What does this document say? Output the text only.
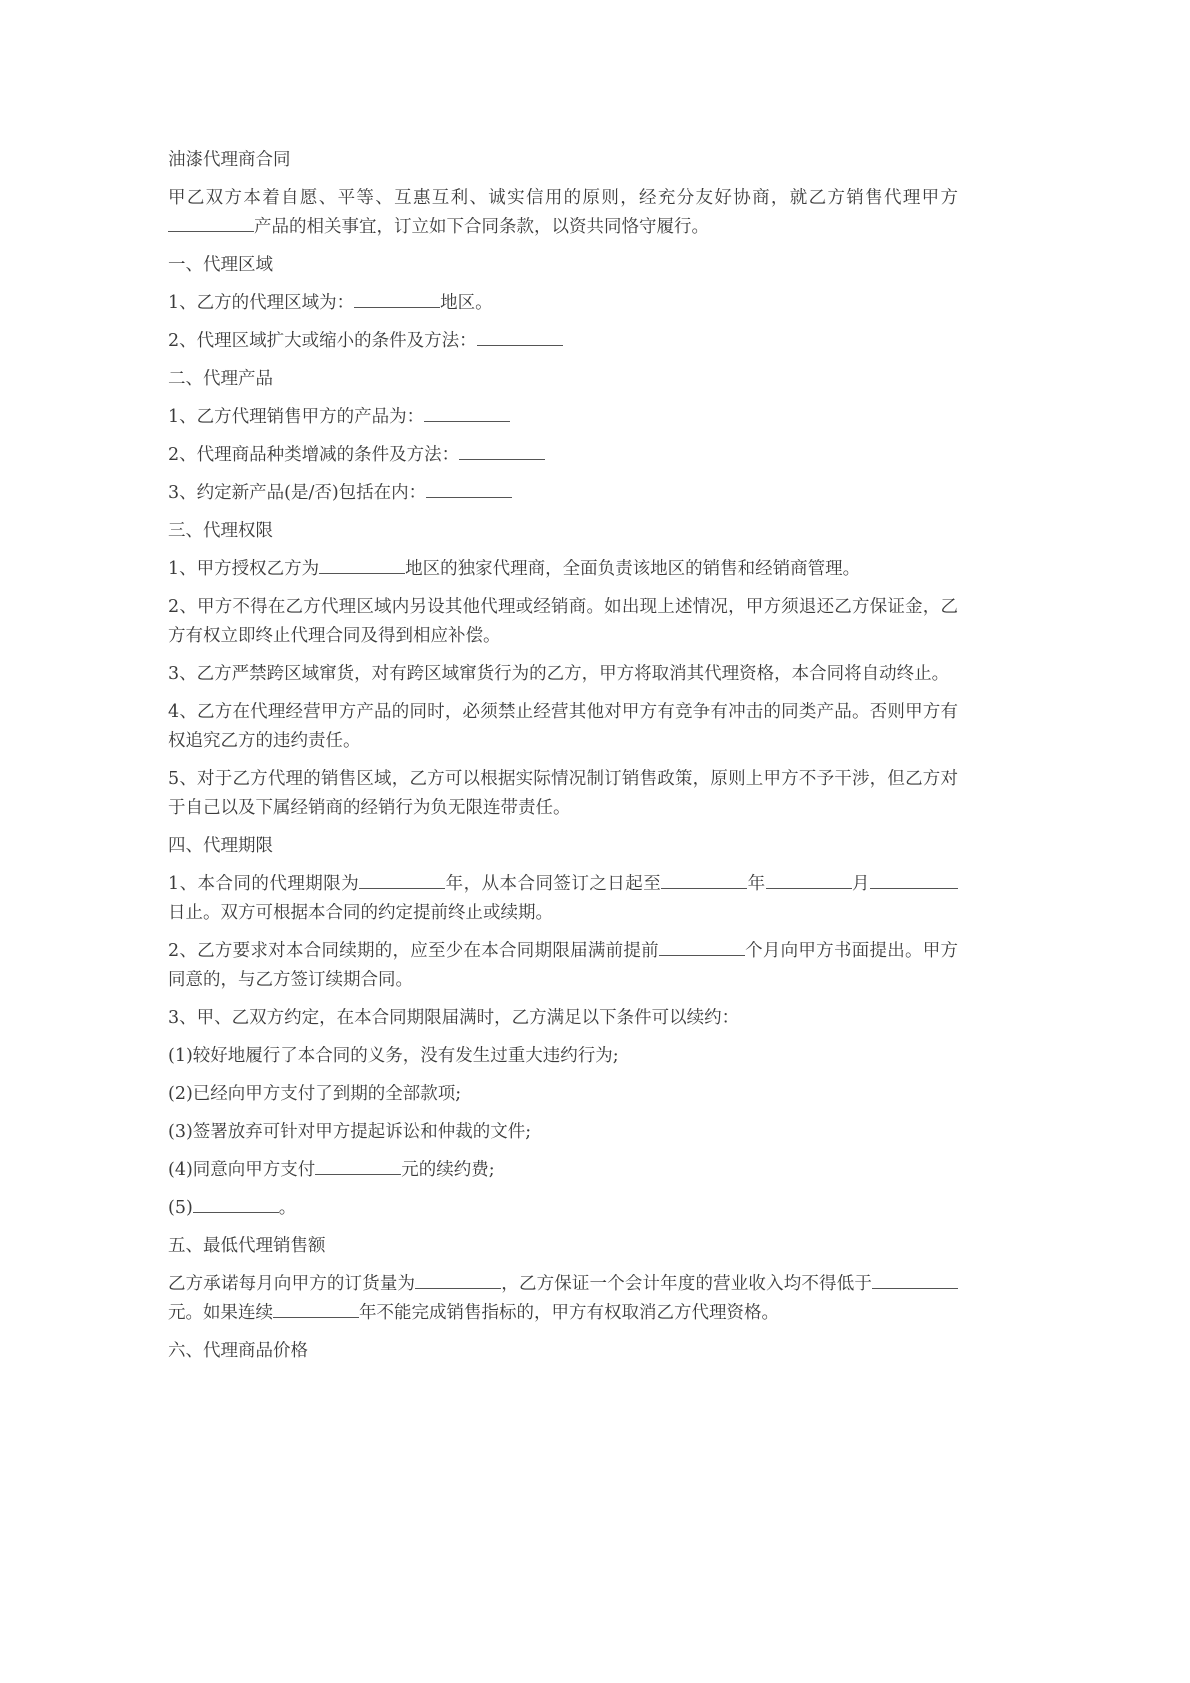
油漆代理商合同

甲乙双方本着自愿、平等、互惠互利、诚实信用的原则，经充分友好协商，就乙方销售代理甲方产品的相关事宜，订立如下合同条款，以资共同恪守履行。

一、代理区域

1、乙方的代理区域为：	地区。

2、代理区域扩大或缩小的条件及方法：

二、代理产品

1、乙方代理销售甲方的产品为：

2、代理商品种类增减的条件及方法：

3、约定新产品(是/否)包括在内：

三、代理权限

1、甲方授权乙方为	地区的独家代理商，全面负责该地区的销售和经销商管理。

2、甲方不得在乙方代理区域内另设其他代理或经销商。如出现上述情况，甲方须退还乙方保证金，乙方有权立即终止代理合同及得到相应补偿。

3、乙方严禁跨区域窜货，对有跨区域窜货行为的乙方，甲方将取消其代理资格，本合同将自动终止。

4、乙方在代理经营甲方产品的同时，必须禁止经营其他对甲方有竞争有冲击的同类产品。否则甲方有权追究乙方的违约责任。

5、对于乙方代理的销售区域，乙方可以根据实际情况制订销售政策，原则上甲方不予干涉，但乙方对于自己以及下属经销商的经销行为负无限连带责任。

四、代理期限

1、本合同的代理期限为	年，从本合同签订之日起至	年	月日止。双方可根据本合同的约定提前终止或续期。

2、乙方要求对本合同续期的，应至少在本合同期限届满前提前	个月向甲方书面提出。甲方同意的，与乙方签订续期合同。

3、甲、乙双方约定，在本合同期限届满时，乙方满足以下条件可以续约：

(1)较好地履行了本合同的义务，没有发生过重大违约行为;

(2)已经向甲方支付了到期的全部款项;

(3)签署放弃可针对甲方提起诉讼和仲裁的文件;

(4)同意向甲方支付	元的续约费;

(5)	。

五、最低代理销售额

乙方承诺每月向甲方的订货量为	，乙方保证一个会计年度的营业收入均不得低于元。如果连续	年不能完成销售指标的，甲方有权取消乙方代理资格。

六、代理商品价格
